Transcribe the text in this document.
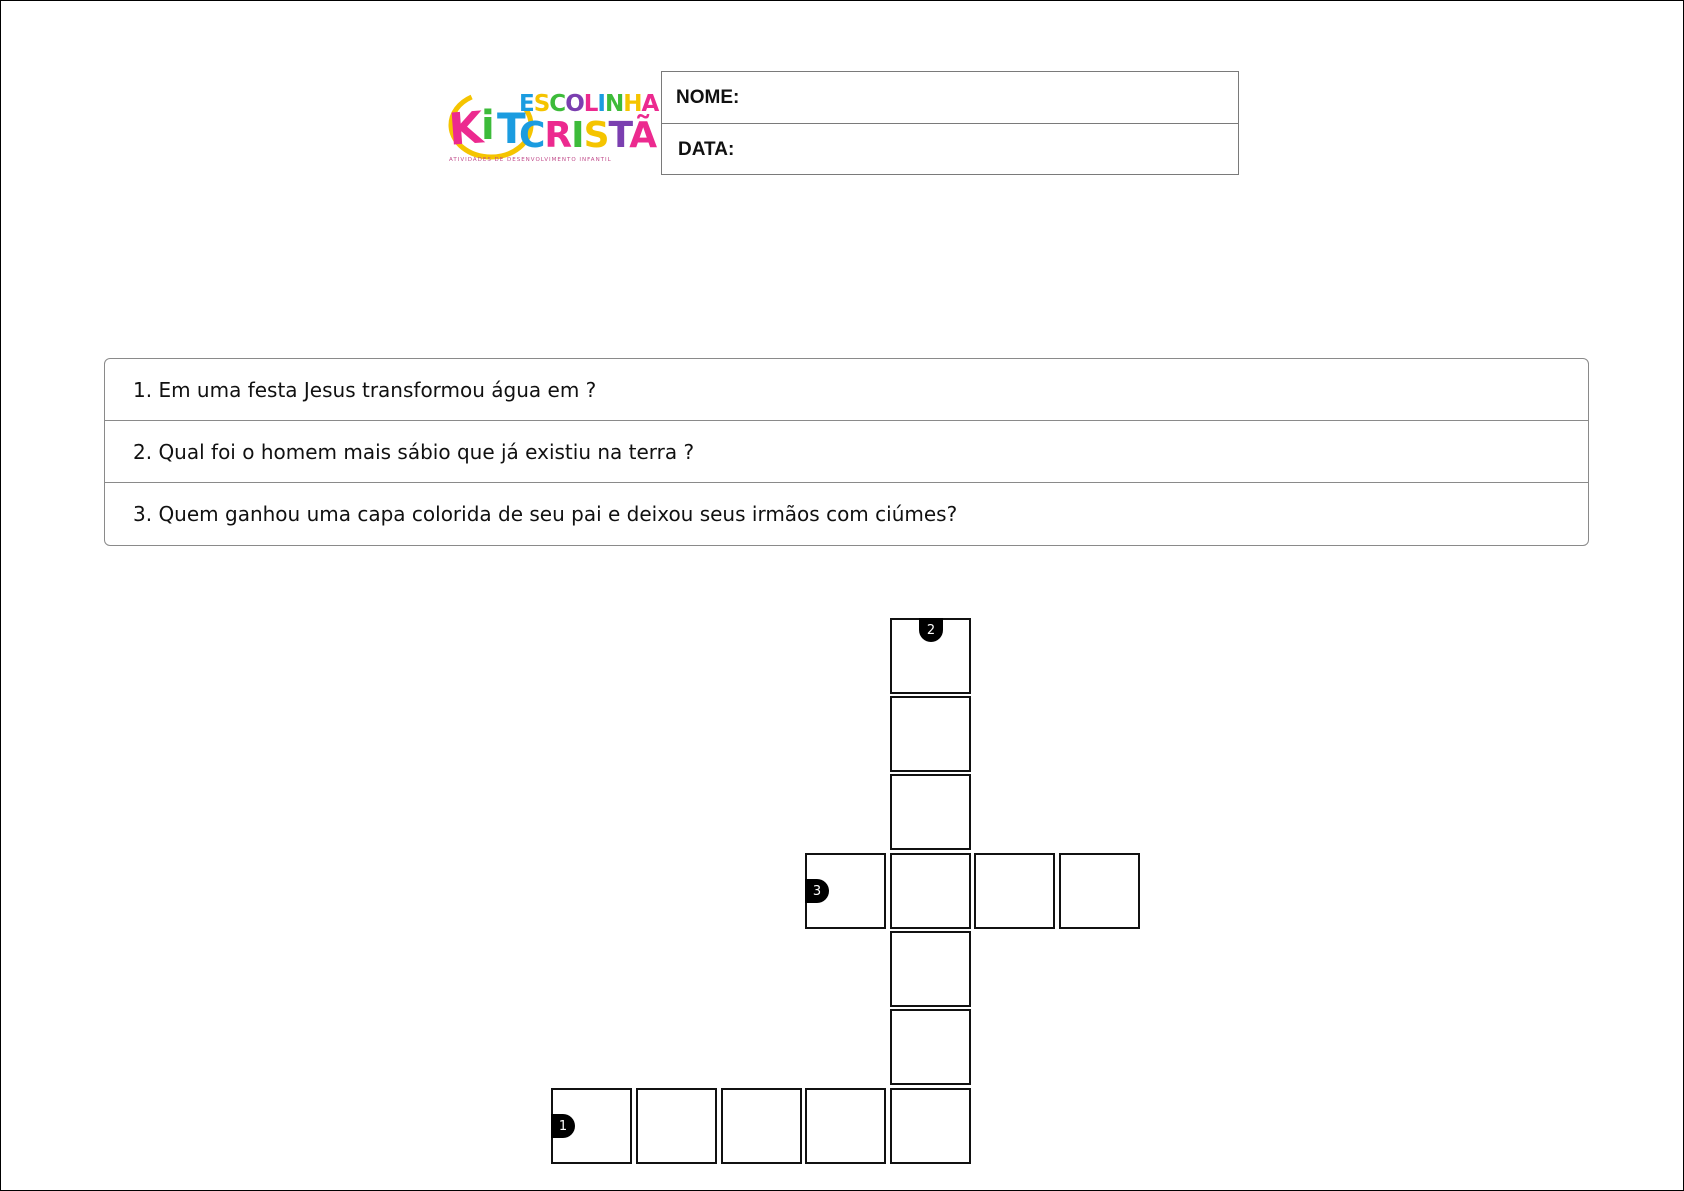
K
i T
ESCOLINHA
CRISTÃ
ATIVIDADES DE DESENVOLVIMENTO INFANTIL
NOME:
DATA:
1. Em uma festa Jesus transformou água em ?
2. Qual foi o homem mais sábio que já existiu na terra ?
3. Quem ganhou uma capa colorida de seu pai e deixou seus irmãos com ciúmes?
2
3
1
